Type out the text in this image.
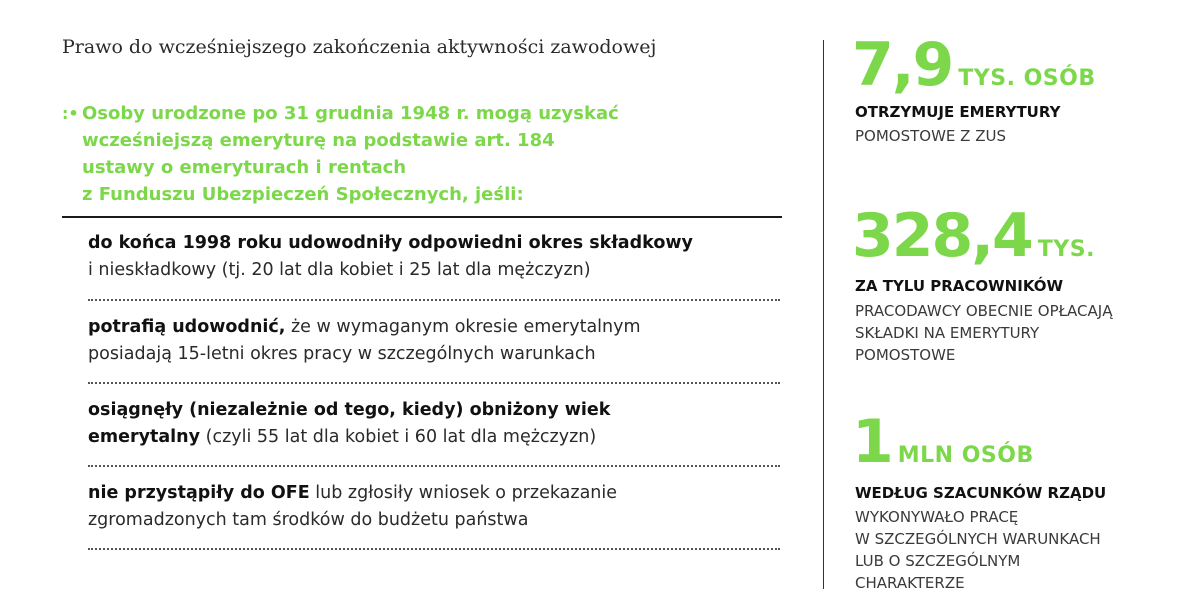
Prawo do wcześniejszego zakończenia aktywności zawodowej
:• Osoby urodzone po 31 grudnia 1948 r. mogą uzyskać
wcześniejszą emeryturę na podstawie art. 184
ustawy o emeryturach i rentach
z Funduszu Ubezpieczeń Społecznych, jeśli:
do końca 1998 roku udowodniły odpowiedni okres składkowy
i nieskładkowy (tj. 20 lat dla kobiet i 25 lat dla mężczyzn)
potrafią udowodnić, że w wymaganym okresie emerytalnym
posiadają 15-letni okres pracy w szczególnych warunkach
osiągnęły (niezależnie od tego, kiedy) obniżony wiek
emerytalny (czyli 55 lat dla kobiet i 60 lat dla mężczyzn)
nie przystąpiły do OFE lub zgłosiły wniosek o przekazanie
zgromadzonych tam środków do budżetu państwa
7,9 TYS. OSÓB
OTRZYMUJE EMERYTURY
POMOSTOWE Z ZUS
328,4 TYS.
ZA TYLU PRACOWNIKÓW
PRACODAWCY OBECNIE OPŁACAJĄ
SKŁADKI NA EMERYTURY
POMOSTOWE
1 MLN OSÓB
WEDŁUG SZACUNKÓW RZĄDU
WYKONYWAŁO PRACĘ
W SZCZEGÓLNYCH WARUNKACH
LUB O SZCZEGÓLNYM
CHARAKTERZE
